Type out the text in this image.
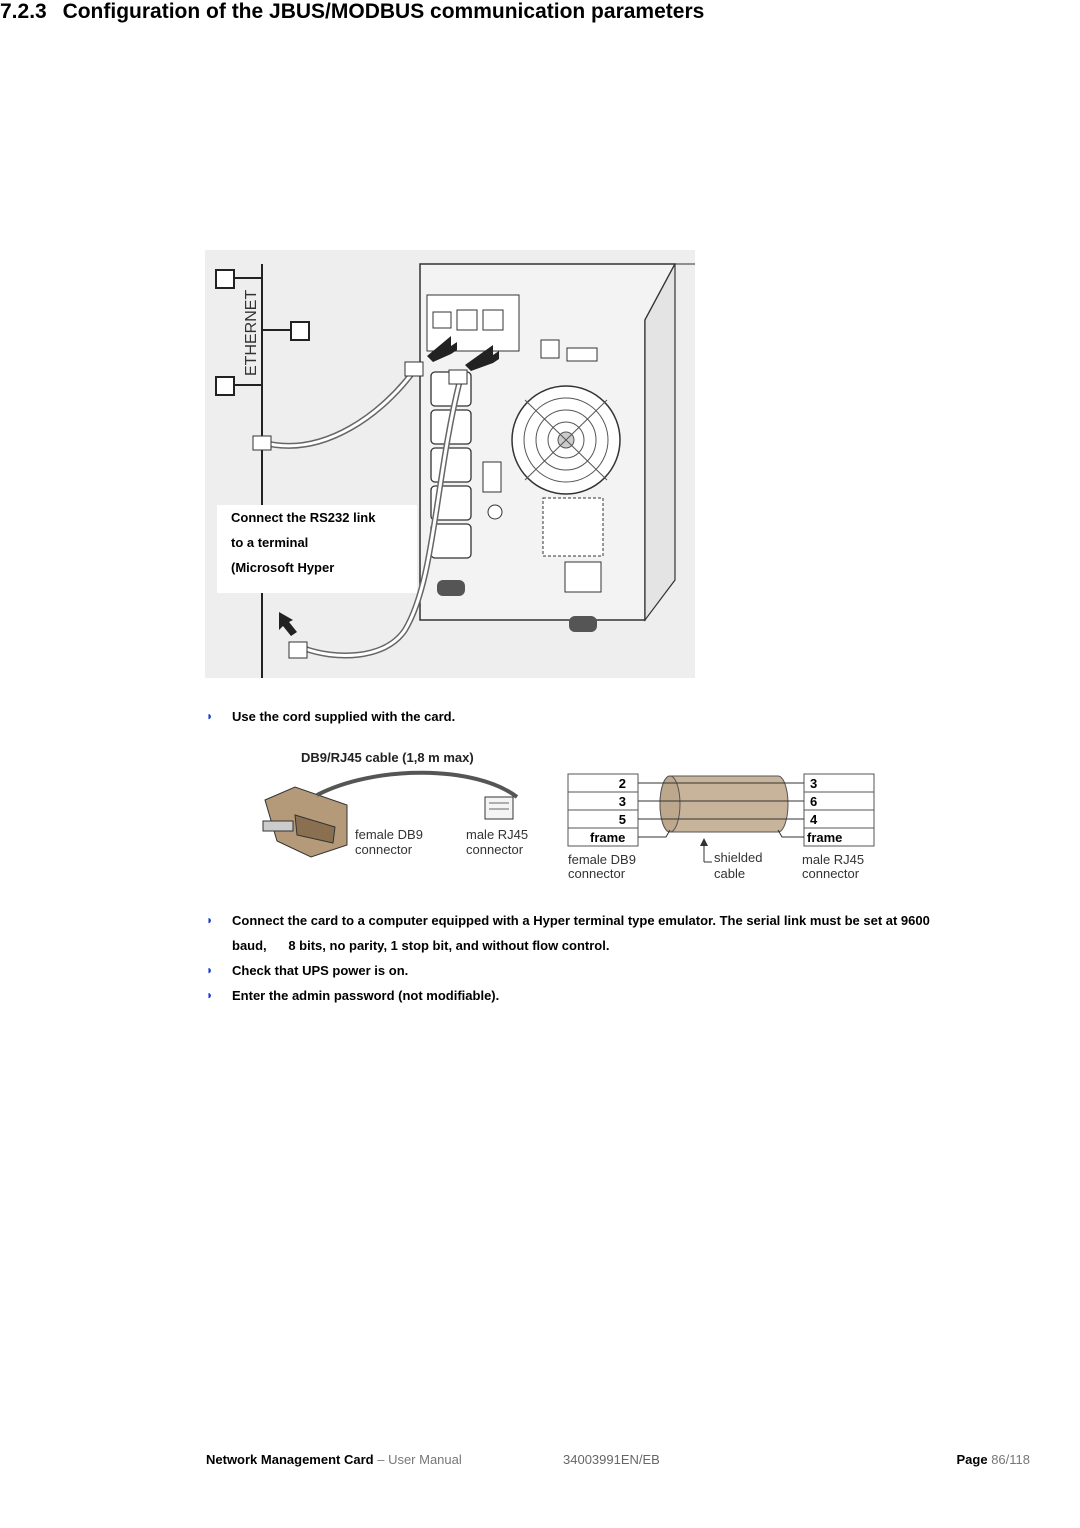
7.2.3 Configuration of the JBUS/MODBUS communication parameters
ETHERNET
Connect the RS232 link
to a terminal
(Microsoft Hyper
◗ Use the cord supplied with the card.
DB9/RJ45 cable (1,8 m max)
female DB9
connector
male RJ45
connector
2
3
5
frame
3
6
4
frame
female DB9
connector
shielded
cable
male RJ45
connector
◗ Connect the card to a computer equipped with a Hyper terminal type emulator. The serial link must be set at 9600
baud,      8 bits, no parity, 1 stop bit, and without flow control.
◗ Check that UPS power is on.
◗ Enter the admin password (not modifiable).
Network Management Card – User Manual	34003991EN/EB	Page 86/118
